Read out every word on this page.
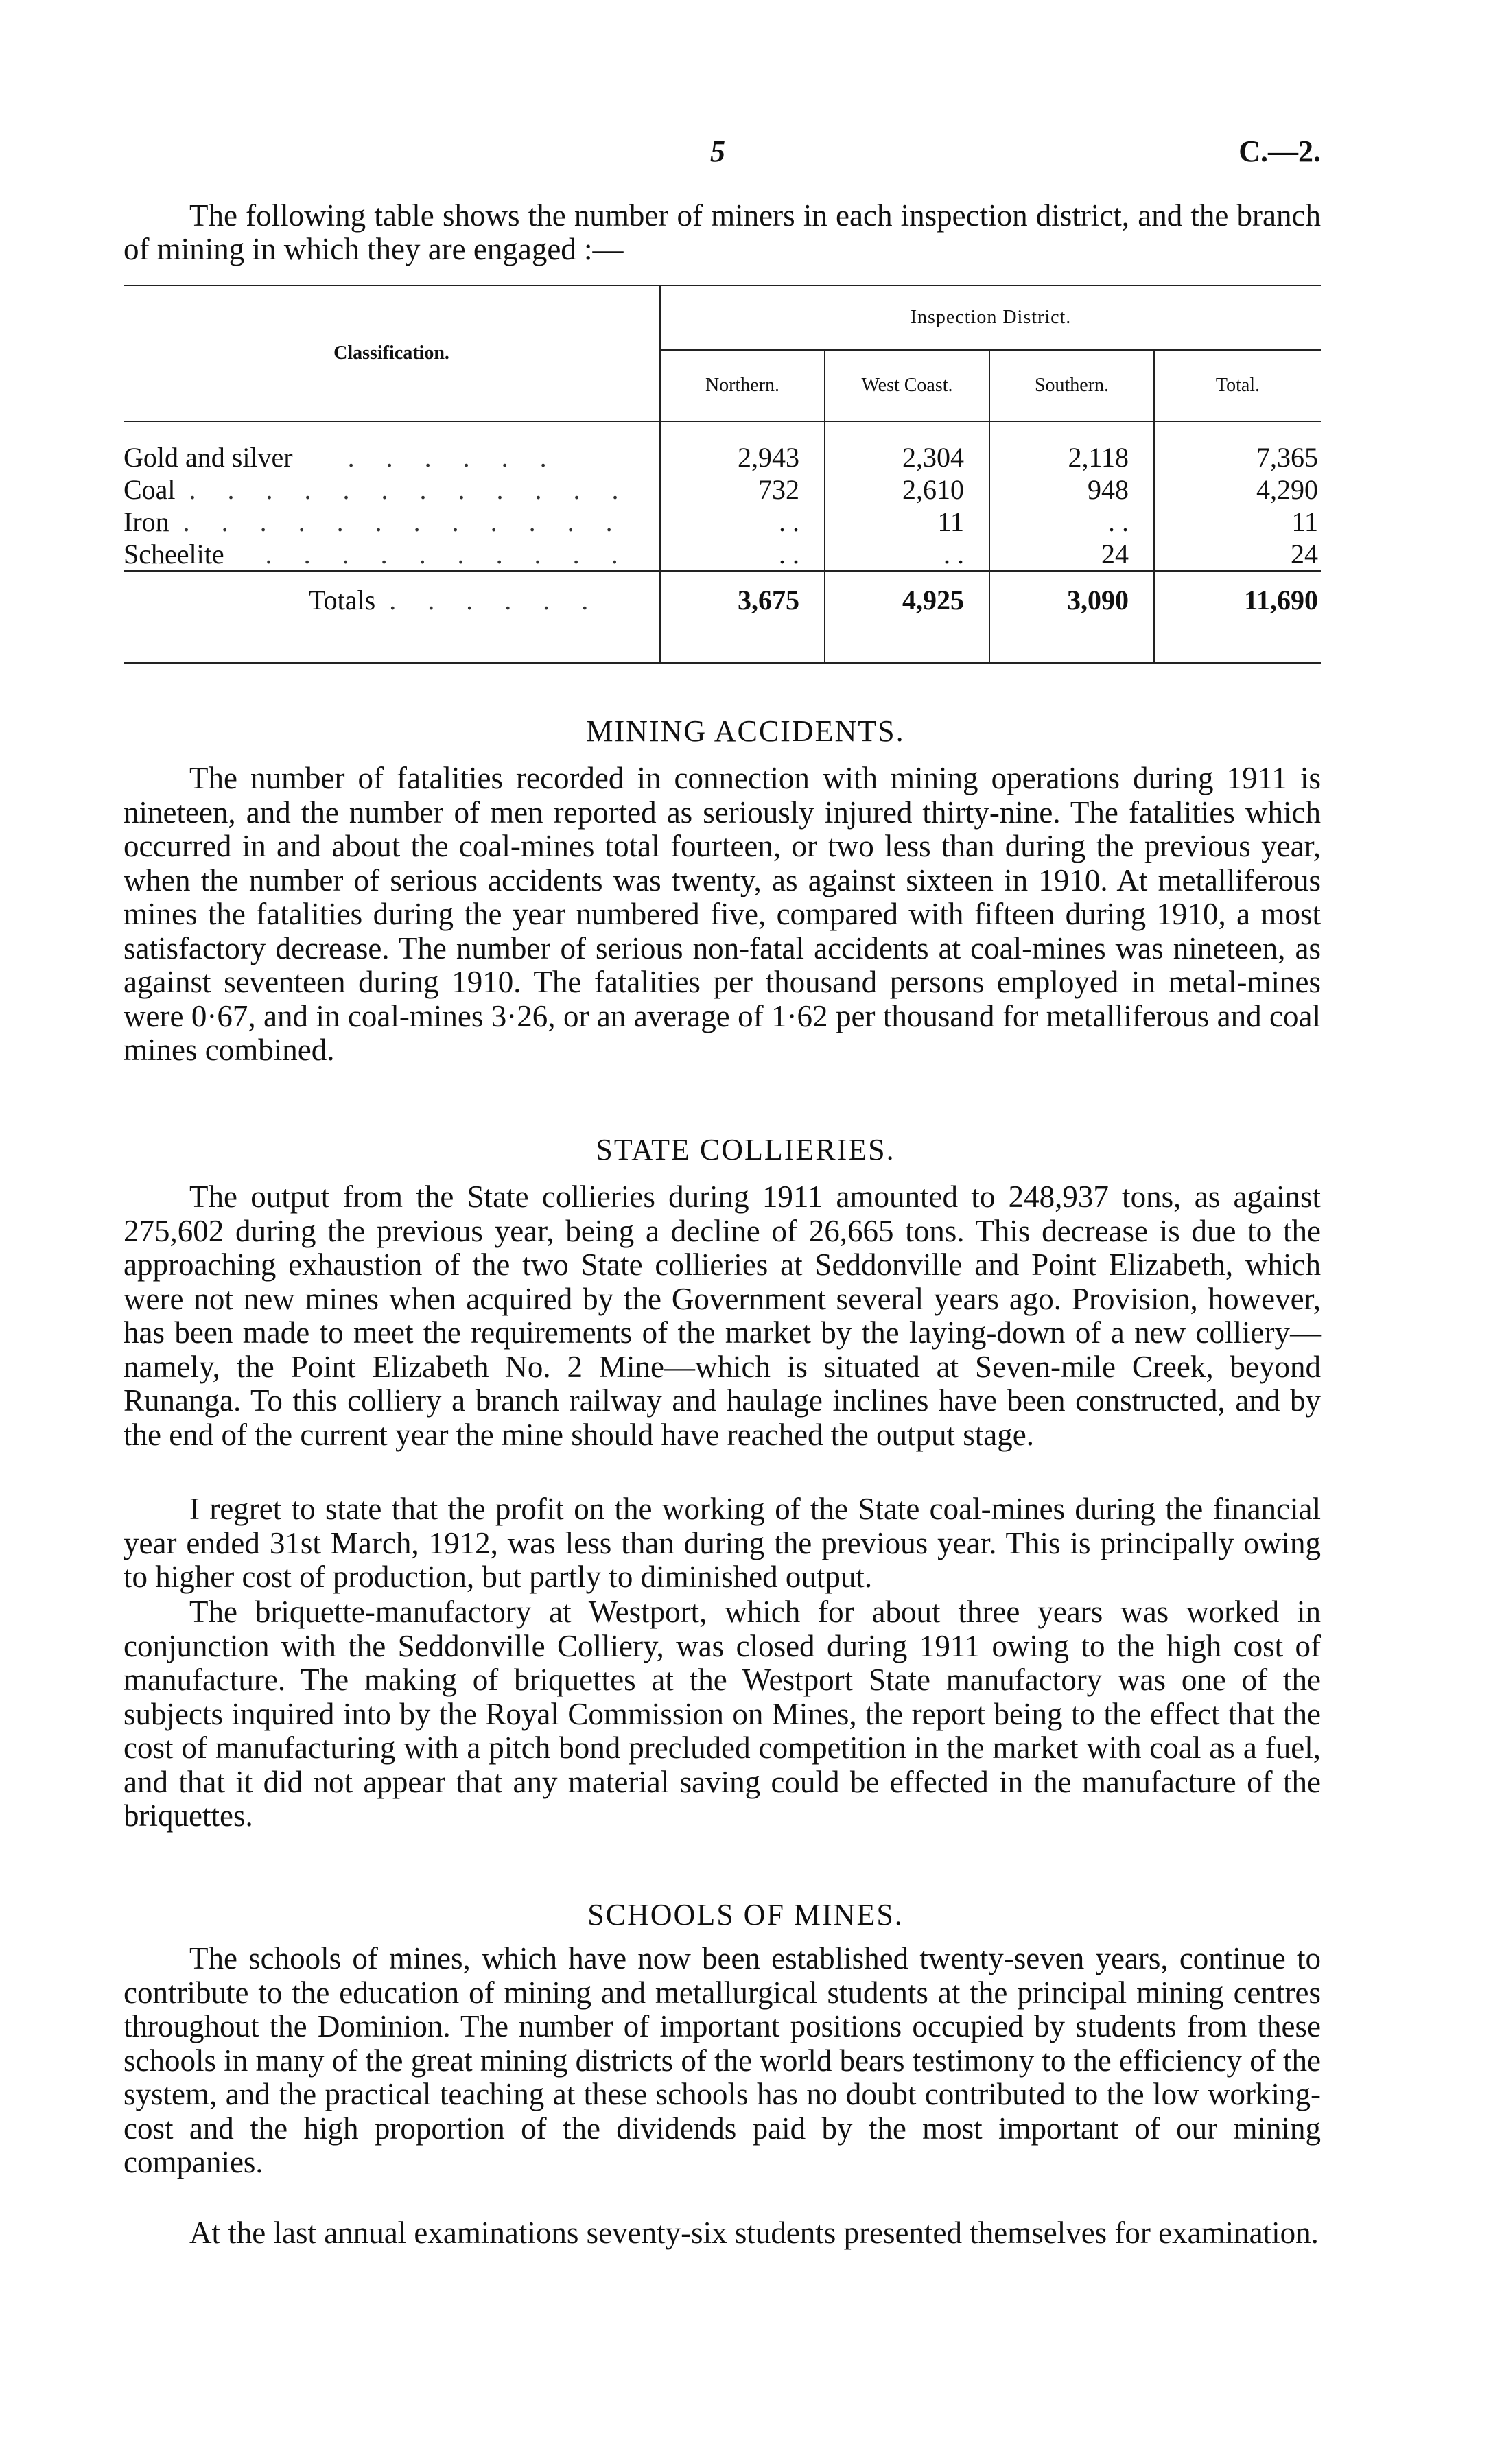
5	C.—2.

The following table shows the number of miners in each inspection district, and the branch of mining in which they are engaged :—

Classification.	Inspection District.			
	Northern.	West Coast.	Southern.	Total.
Gold and silver . . . . . .	2,943	2,304	2,118	7,365
Coal . . . . . . . . . . . .	732	2,610	948	4,290
Iron . . . . . . . . . . . .	. .	11	. .	11
Scheelite . . . . . . . . . .	. .	. .	24	24
Totals . . . . . .	3,675	4,925	3,090	11,690

MINING ACCIDENTS.

The number of fatalities recorded in connection with mining operations during 1911 is nineteen, and the number of men reported as seriously injured thirty-nine. The fatalities which occurred in and about the coal-mines total fourteen, or two less than during the previous year, when the number of serious accidents was twenty, as against sixteen in 1910. At metalliferous mines the fatalities during the year numbered five, compared with fifteen during 1910, a most satisfactory decrease. The number of serious non-fatal accidents at coal-mines was nineteen, as against seventeen during 1910. The fatalities per thousand persons employed in metal-mines were 0·67, and in coal-mines 3·26, or an average of 1·62 per thousand for metalliferous and coal mines combined.

STATE COLLIERIES.

The output from the State collieries during 1911 amounted to 248,937 tons, as against 275,602 during the previous year, being a decline of 26,665 tons. This decrease is due to the approaching exhaustion of the two State collieries at Seddonville and Point Elizabeth, which were not new mines when acquired by the Government several years ago. Provision, however, has been made to meet the requirements of the market by the laying-down of a new colliery—namely, the Point Elizabeth No. 2 Mine—which is situated at Seven-mile Creek, beyond Runanga. To this colliery a branch railway and haulage inclines have been constructed, and by the end of the current year the mine should have reached the output stage.

I regret to state that the profit on the working of the State coal-mines during the financial year ended 31st March, 1912, was less than during the previous year. This is principally owing to higher cost of production, but partly to diminished output.

The briquette-manufactory at Westport, which for about three years was worked in conjunction with the Seddonville Colliery, was closed during 1911 owing to the high cost of manufacture. The making of briquettes at the Westport State manufactory was one of the subjects inquired into by the Royal Commission on Mines, the report being to the effect that the cost of manufacturing with a pitch bond precluded competition in the market with coal as a fuel, and that it did not appear that any material saving could be effected in the manufacture of the briquettes.

SCHOOLS OF MINES.

The schools of mines, which have now been established twenty-seven years, continue to contribute to the education of mining and metallurgical students at the principal mining centres throughout the Dominion. The number of important positions occupied by students from these schools in many of the great mining districts of the world bears testimony to the efficiency of the system, and the practical teaching at these schools has no doubt contributed to the low working-cost and the high proportion of the dividends paid by the most important of our mining companies.

At the last annual examinations seventy-six students presented themselves for examination.
